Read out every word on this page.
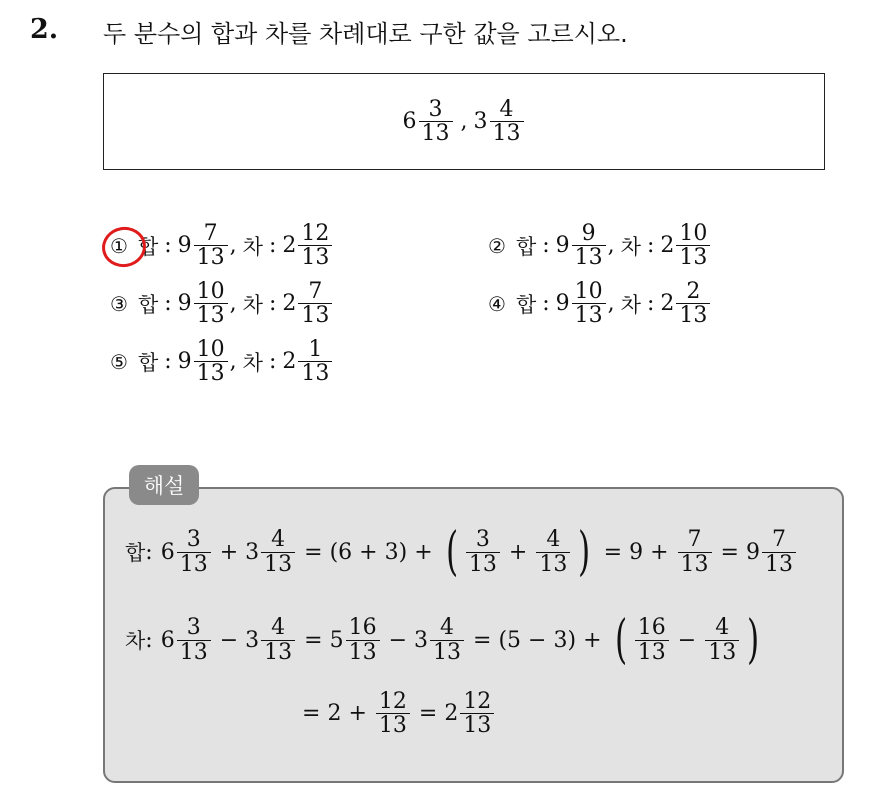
2. 두 분수의 합과 차를 차례대로 구한 값을 고르시오.
$6 \frac{3}{13}$ , $3 \frac{4}{13}$
① 합 : $9 \frac{7}{13}$ , 차 : $2 \frac{12}{13}$	② 합 : $9 \frac{9}{13}$ , 차 : $2 \frac{10}{13}$
③ 합 : $9 \frac{10}{13}$ , 차 : $2 \frac{7}{13}$	④ 합 : $9 \frac{10}{13}$ , 차 : $2 \frac{2}{13}$
⑤ 합 : $9 \frac{10}{13}$ , 차 : $2 \frac{1}{13}$
해설
합 : $6 \frac{3}{13} + 3 \frac{4}{13} = (6 + 3)$ + ( $\frac{3}{13} + \frac{4}{13}$ ) = $9 + \frac{7}{13} = 9 \frac{7}{13}$
차 : $6 \frac{3}{13} - 3 \frac{4}{13} = 5 \frac{16}{13} - 3 \frac{4}{13} = (5 - 3)$ + ( $\frac{16}{13} - \frac{4}{13}$ )
= $2 + \frac{12}{13} = 2 \frac{12}{13}$
